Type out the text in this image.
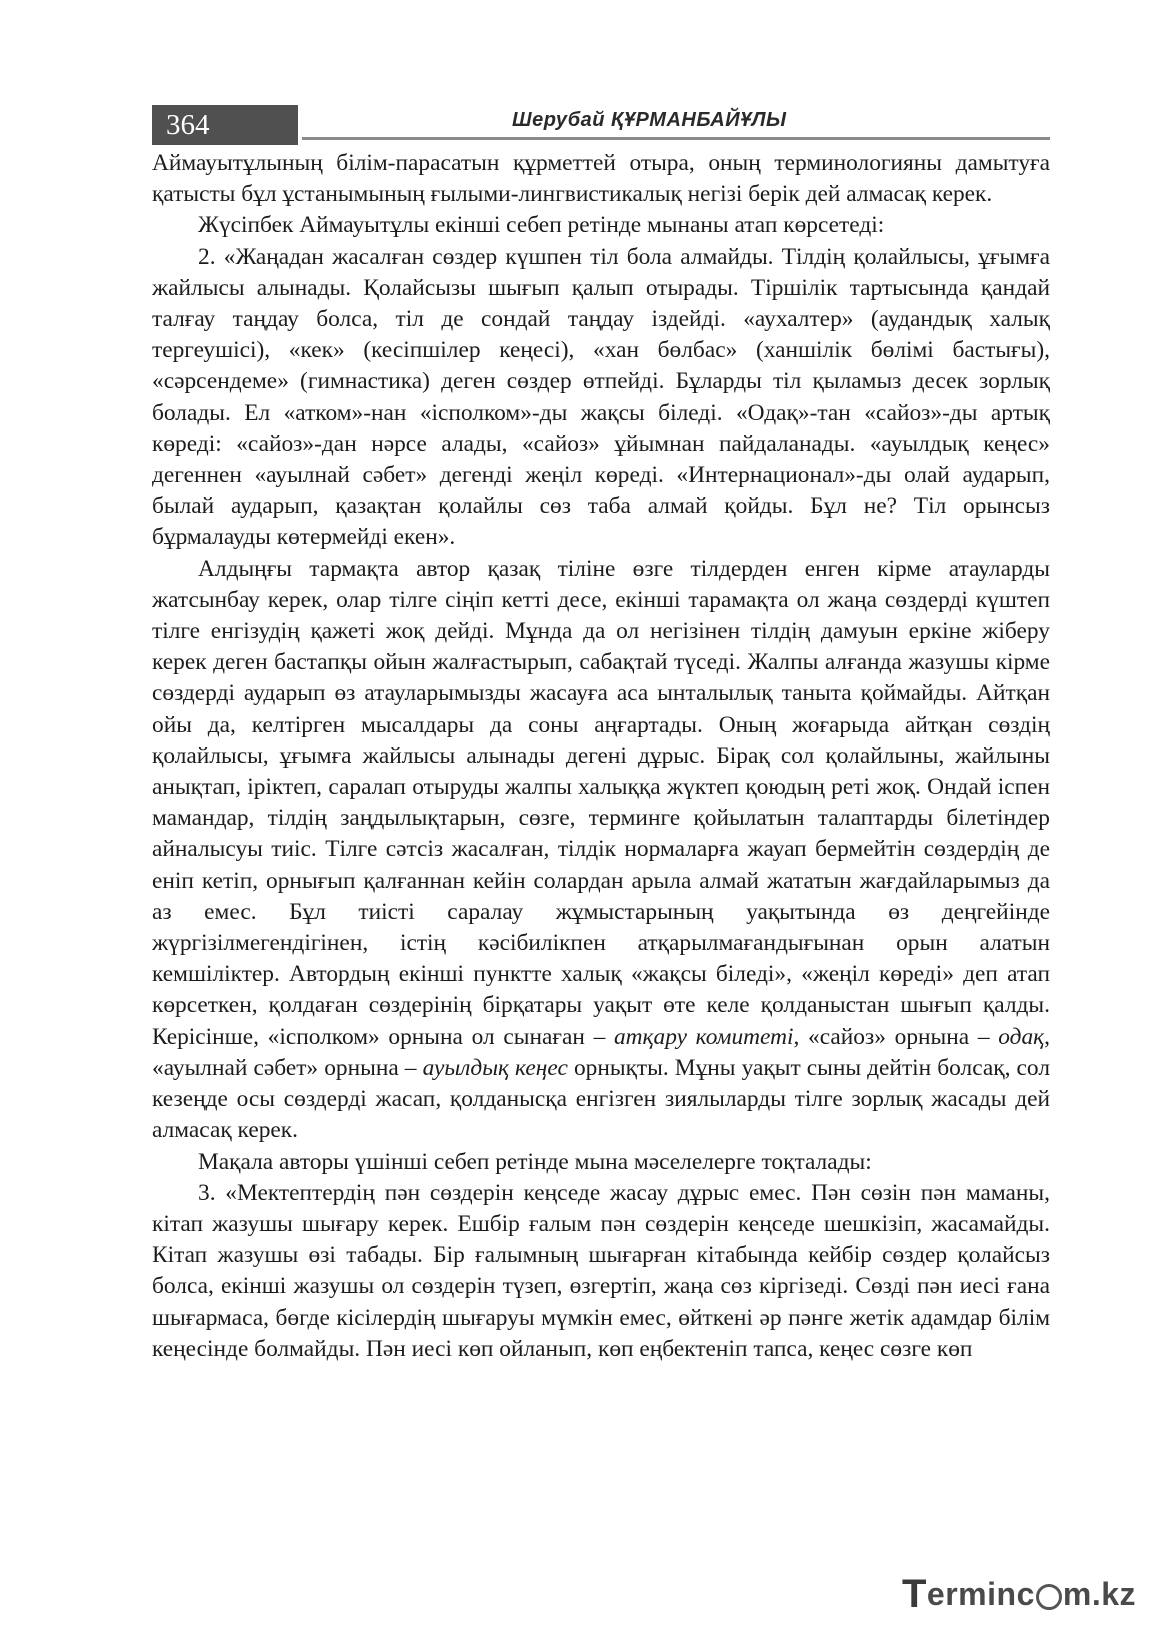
364	Шерубай ҚҰРМАНБАЙҰЛЫ

Аймауытұлының білім-парасатын құрметтей отыра, оның терминологияны дамытуға қатысты бұл ұстанымының ғылыми-лингвистикалық негізі берік дей алмасақ керек.

Жүсіпбек Аймауытұлы екінші себеп ретінде мынаны атап көрсетеді:

2. «Жаңадан жасалған сөздер күшпен тіл бола алмайды. Тілдің қолайлысы, ұғымға жайлысы алынады. Қолайсызы шығып қалып отырады. Тіршілік тартысында қандай талғау таңдау болса, тіл де сондай таңдау іздейді. «аухалтер» (аудандық халық тергеушісі), «кек» (кесіпшілер кеңесі), «хан бөлбас» (ханшілік бөлімі бастығы), «сәрсендеме» (гимнастика) деген сөздер өтпейді. Бұларды тіл қыламыз десек зорлық болады. Ел «атком»-нан «ісполком»-ды жақсы біледі. «Одақ»-тан «сайоз»-ды артық көреді: «сайоз»-дан нәрсе алады, «сайоз» ұйымнан пайдаланады. «ауылдық кеңес» дегеннен «ауылнай сәбет» дегенді жеңіл көреді. «Интернационал»-ды олай аударып, былай аударып, қазақтан қолайлы сөз таба алмай қойды. Бұл не? Тіл орынсыз бұрмалауды көтермейді екен».

Алдыңғы тармақта автор қазақ тіліне өзге тілдерден енген кірме атауларды жатсынбау керек, олар тілге сіңіп кетті десе, екінші тарамақта ол жаңа сөздерді күштеп тілге енгізудің қажеті жоқ дейді. Мұнда да ол негізінен тілдің дамуын еркіне жіберу керек деген бастапқы ойын жалғастырып, сабақтай түседі. Жалпы алғанда жазушы кірме сөздерді аударып өз атауларымызды жасауға аса ынталылық таныта қоймайды. Айтқан ойы да, келтірген мысалдары да соны аңғартады. Оның жоғарыда айтқан сөздің қолайлысы, ұғымға жайлысы алынады дегені дұрыс. Бірақ сол қолайлыны, жайлыны анықтап, іріктеп, саралап отыруды жалпы халыққа жүктеп қоюдың реті жоқ. Ондай іспен мамандар, тілдің заңдылықтарын, сөзге, терминге қойылатын талаптарды білетіндер айналысуы тиіс. Тілге сәтсіз жасалған, тілдік нормаларға жауап бермейтін сөздердің де еніп кетіп, орнығып қалғаннан кейін солардан арыла алмай жататын жағдайларымыз да аз емес. Бұл тиісті саралау жұмыстарының уақытында өз деңгейінде жүргізілмегендігінен, істің кәсібилікпен атқарылмағандығынан орын алатын кемшіліктер. Автордың екінші пунктте халық «жақсы біледі», «жеңіл көреді» деп атап көрсеткен, қолдаған сөздерінің бірқатары уақыт өте келе қолданыстан шығып қалды. Керісінше, «ісполком» орнына ол сынаған – атқару комитеті, «сайоз» орнына – одақ, «ауылнай сәбет» орнына – ауылдық кеңес орнықты. Мұны уақыт сыны дейтін болсақ, сол кезеңде осы сөздерді жасап, қолданысқа енгізген зиялыларды тілге зорлық жасады дей алмасақ керек.

Мақала авторы үшінші себеп ретінде мына мәселелерге тоқталады:

3. «Мектептердің пән сөздерін кеңседе жасау дұрыс емес. Пән сөзін пән маманы, кітап жазушы шығару керек. Ешбір ғалым пән сөздерін кеңседе шешкізіп, жасамайды. Кітап жазушы өзі табады. Бір ғалымның шығарған кітабында кейбір сөздер қолайсыз болса, екінші жазушы ол сөздерін түзеп, өзгертіп, жаңа сөз кіргізеді. Сөзді пән иесі ғана шығармаса, бөгде кісілердің шығаруы мүмкін емес, өйткені әр пәнге жетік адамдар білім кеңесінде болмайды. Пән иесі көп ойланып, көп еңбектеніп тапса, кеңес сөзге көп

T erminc m.kz
